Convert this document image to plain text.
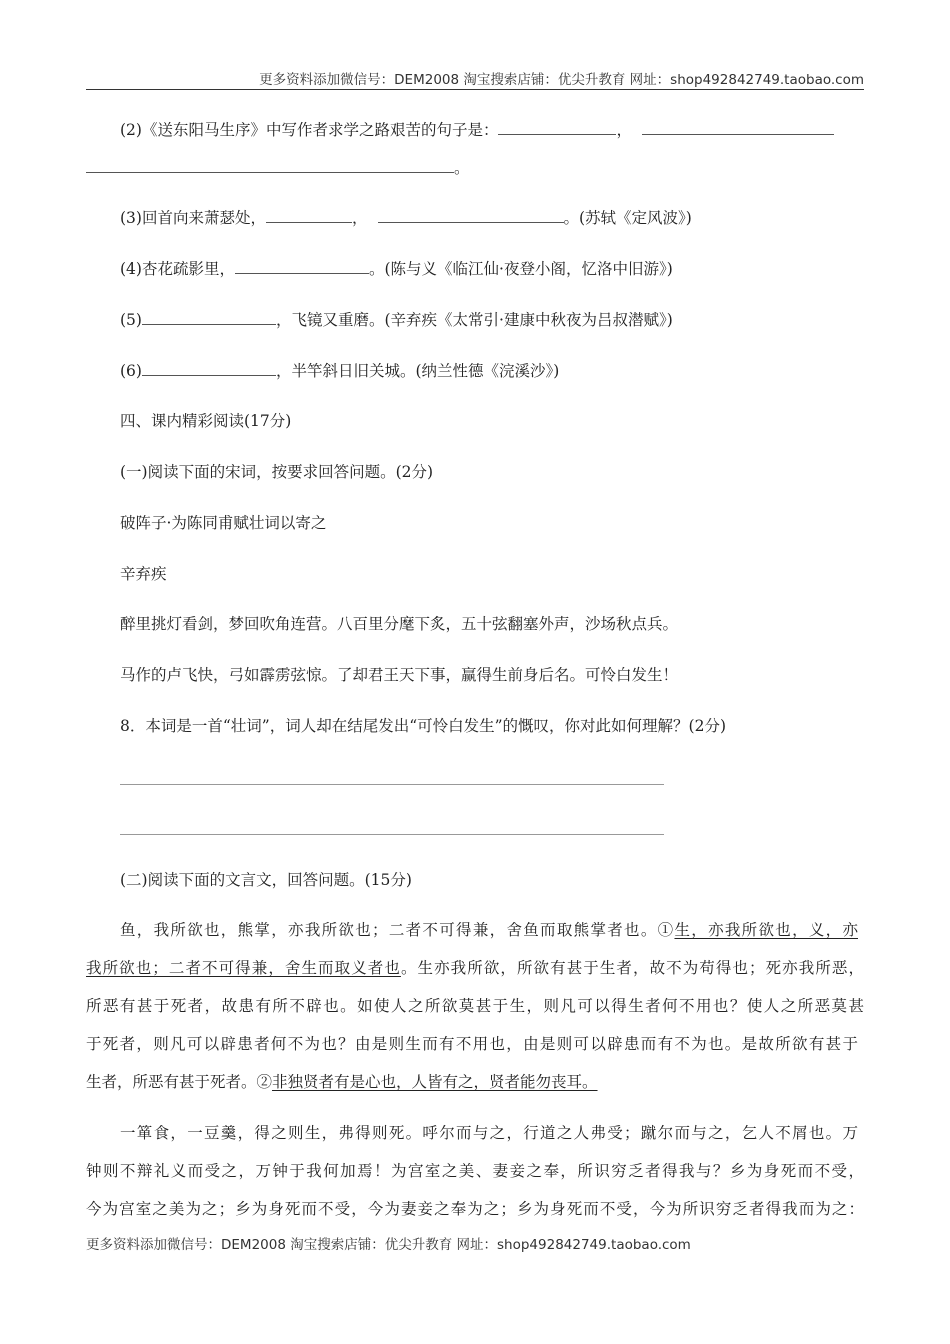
更多资料添加微信号：DEM2008 淘宝搜索店铺：优尖升教育 网址：shop492842749.taobao.com
(2)《送东阳马生序》中写作者求学之路艰苦的句子是：	，
。
(3)回首向来萧瑟处，	，	。(苏轼《定风波》)
(4)杏花疏影里，	。(陈与义《临江仙·夜登小阁，忆洛中旧游》)
(5)	，飞镜又重磨。(辛弃疾《太常引·建康中秋夜为吕叔潜赋》)
(6)	，半竿斜日旧关城。(纳兰性德《浣溪沙》)
四、课内精彩阅读(17分)
(一)阅读下面的宋词，按要求回答问题。(2分)
破阵子·为陈同甫赋壮词以寄之
辛弃疾
醉里挑灯看剑，梦回吹角连营。八百里分麾下炙，五十弦翻塞外声，沙场秋点兵。
马作的卢飞快，弓如霹雳弦惊。了却君王天下事，赢得生前身后名。可怜白发生！
8．本词是一首“壮词”，词人却在结尾发出“可怜白发生”的慨叹，你对此如何理解？(2分)
(二)阅读下面的文言文，回答问题。(15分)
鱼，我所欲也，熊掌，亦我所欲也；二者不可得兼，舍鱼而取熊掌者也。①生，亦我所欲也，义，亦
我所欲也；二者不可得兼，舍生而取义者也。生亦我所欲，所欲有甚于生者，故不为苟得也；死亦我所恶，
所恶有甚于死者，故患有所不辟也。如使人之所欲莫甚于生，则凡可以得生者何不用也？使人之所恶莫甚
于死者，则凡可以辟患者何不为也？由是则生而有不用也，由是则可以辟患而有不为也。是故所欲有甚于
生者，所恶有甚于死者。②非独贤者有是心也，人皆有之，贤者能勿丧耳。
一箪食，一豆羹，得之则生，弗得则死。呼尔而与之，行道之人弗受；蹴尔而与之，乞人不屑也。万
钟则不辩礼义而受之，万钟于我何加焉！为宫室之美、妻妾之奉，所识穷乏者得我与？乡为身死而不受，
今为宫室之美为之；乡为身死而不受，今为妻妾之奉为之；乡为身死而不受，今为所识穷乏者得我而为之：
更多资料添加微信号：DEM2008 淘宝搜索店铺：优尖升教育 网址：shop492842749.taobao.com
